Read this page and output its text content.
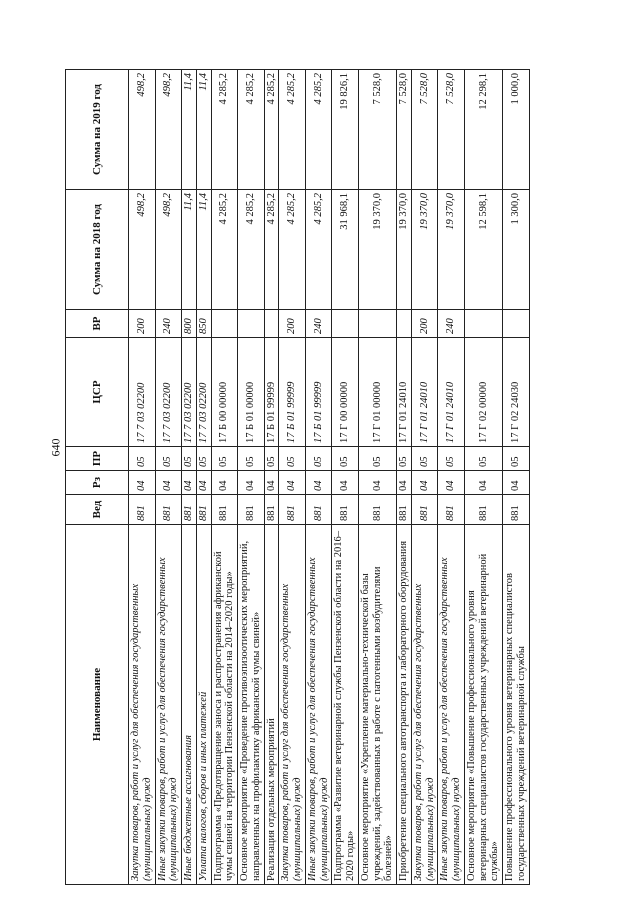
640
Наименование	Вед	Рз	ПР	ЦСР	ВР	Сумма на 2018 год	Сумма на 2019 год
Закупка товаров, работ и услуг для обеспечения государственных (муниципальных) нужд	881	04	05	17 7 03 02200	200	498,2	498,2
Иные закупки товаров, работ и услуг для обеспечения государственных (муниципальных) нужд	881	04	05	17 7 03 02200	240	498,2	498,2
Иные бюджетные ассигнования	881	04	05	17 7 03 02200	800	11,4	11,4
Уплата налогов, сборов и иных платежей	881	04	05	17 7 03 02200	850	11,4	11,4
Подпрограмма «Предотвращение заноса и распространения африканской чумы свиней на территории Пензенской области на 2014–2020 годы»	881	04	05	17 Б 00 00000		4 285,2	4 285,2
Основное мероприятие «Проведение противоэпизоотических мероприятий, направленных на профилактику африканской чумы свиней»	881	04	05	17 Б 01 00000		4 285,2	4 285,2
Реализация отдельных мероприятий	881	04	05	17 Б 01 99999		4 285,2	4 285,2
Закупка товаров, работ и услуг для обеспечения государственных (муниципальных) нужд	881	04	05	17 Б 01 99999	200	4 285,2	4 285,2
Иные закупки товаров, работ и услуг для обеспечения государственных (муниципальных) нужд	881	04	05	17 Б 01 99999	240	4 285,2	4 285,2
Подпрограмма «Развитие ветеринарной службы Пензенской области на 2016–2020 годы»	881	04	05	17 Г 00 00000		31 968,1	19 826,1
Основное мероприятие «Укрепление материально-технической базы учреждений, задействованных в работе с патогенными возбудителями болезней»	881	04	05	17 Г 01 00000		19 370,0	7 528,0
Приобретение специального автотранспорта и лабораторного оборудования	881	04	05	17 Г 01 24010		19 370,0	7 528,0
Закупка товаров, работ и услуг для обеспечения государственных (муниципальных) нужд	881	04	05	17 Г 01 24010	200	19 370,0	7 528,0
Иные закупки товаров, работ и услуг для обеспечения государственных (муниципальных) нужд	881	04	05	17 Г 01 24010	240	19 370,0	7 528,0
Основное мероприятие «Повышение профессионального уровня ветеринарных специалистов государственных учреждений ветеринарной службы»	881	04	05	17 Г 02 00000		12 598,1	12 298,1
Повышение профессионального уровня ветеринарных специалистов государственных учреждений ветеринарной службы	881	04	05	17 Г 02 24030		1 300,0	1 000,0
